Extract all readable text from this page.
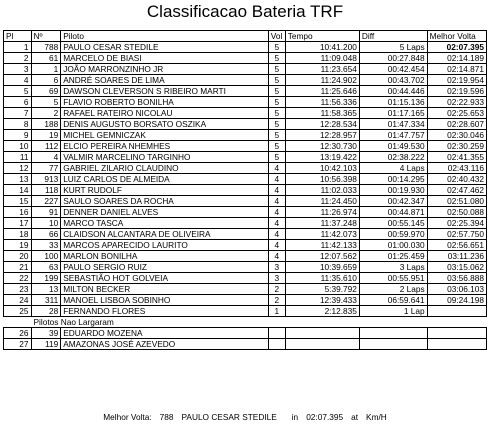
Classificacao Bateria TRF
Pl	Nº	Piloto	Vol	Tempo	Diff	Melhor Volta
1	788	PAULO CESAR STEDILE	5	10:41.200	5 Laps	02:07.395
2	61	MARCELO DE BIASI	5	11:09.048	00:27.848	02:14.189
3	1	JOÃO MARRONZINHO JR	5	11:23.654	00:42.454	02:14.871
4	6	ANDRÉ SOARES DE LIMA	5	11:24.902	00:43.702	02:19.954
5	69	DAWSON CLEVERSON S RIBEIRO MARTI	5	11:25.646	00:44.446	02:19.596
6	5	FLAVIO ROBERTO BONILHA	5	11:56.336	01:15.136	02:22.933
7	2	RAFAEL RATEIRO NICOLAU	5	11:58.365	01:17.165	02:25.653
8	188	DENIS AUGUSTO BORSATO OSZIKA	5	12:28.534	01:47.334	02:28.607
9	19	MICHEL GEMNICZAK	5	12:28.957	01:47.757	02:30.046
10	112	ELCIO PEREIRA NHEMHES	5	12:30.730	01:49.530	02:30.259
11	4	VALMIR MARCELINO TARGINHO	5	13:19.422	02:38.222	02:41.355
12	77	GABRIEL ZILARIO CLAUDINO	4	10:42.103	4 Laps	02:43.116
13	913	LUIZ CARLOS DE ALMEIDA	4	10:56.398	00:14.295	02:40.432
14	118	KURT RUDOLF	4	11:02.033	00:19.930	02:47.462
15	227	SAULO SOARES DA ROCHA	4	11:24.450	00:42.347	02:51.080
16	91	DENNER DANIEL ALVES	4	11:26.974	00:44.871	02:50.088
17	10	MARCO TASCA	4	11:37.248	00:55.145	02:25.394
18	66	CLAIDSON ALCANTARA DE OLIVEIRA	4	11:42.073	00:59.970	02:57.750
19	33	MARCOS APARECIDO LAURITO	4	11:42.133	01:00.030	02:56.651
20	100	MARLON BONILHA	4	12:07.562	01:25.459	03:11.236
21	63	PAULO SERGIO RUIZ	3	10:39.659	3 Laps	03:15.062
22	199	SEBASTIÃO HOT GOLVEIA	3	11:35.610	00:55.951	03:56.888
23	13	MILTON BECKER	2	5:39.792	2 Laps	03:06.103
24	311	MANOEL LISBOA SOBINHO	2	12:39.433	06:59.641	09:24.198
25	28	FERNANDO FLORES	1	2:12.835	1 Lap	
Pilotos Nao Largaram						
26	39	EDUARDO MOZENA				
27	119	AMAZONAS JOSÉ AZEVEDO				
Melhor Volta: 788 PAULO CESAR STEDILE in 02:07.395 at Km/H
